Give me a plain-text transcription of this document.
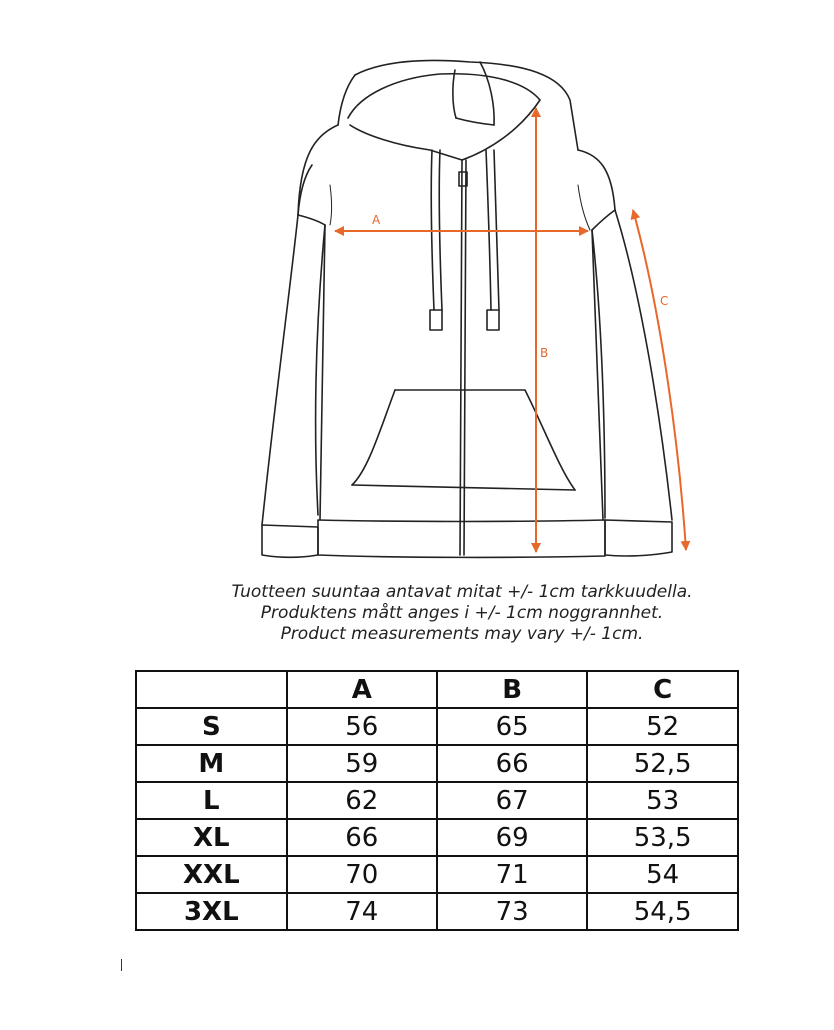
A
B
C
Tuotteen suuntaa antavat mitat +/- 1cm tarkkuudella.
Produktens mått anges i +/- 1cm noggrannhet.
Product measurements may vary +/- 1cm.
	A	B	C
S	56	65	52
M	59	66	52,5
L	62	67	53
XL	66	69	53,5
XXL	70	71	54
3XL	74	73	54,5
